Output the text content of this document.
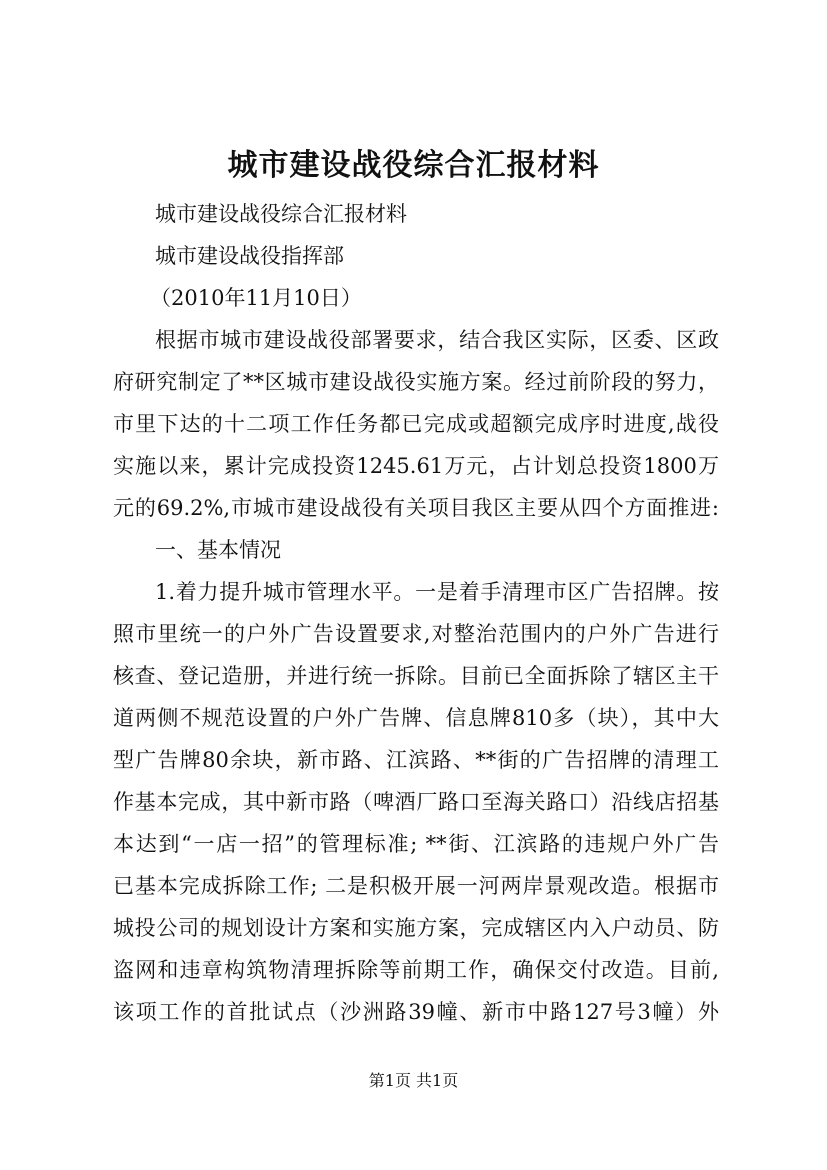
城市建设战役综合汇报材料
城市建设战役综合汇报材料
城市建设战役指挥部
（2010年11月10日）
根据市城市建设战役部署要求，结合我区实际，区委、区政
府研究制定了**区城市建设战役实施方案。经过前阶段的努力，
市里下达的十二项工作任务都已完成或超额完成序时进度,战役
实施以来，累计完成投资1245.61万元，占计划总投资1800万
元的69.2%,市城市建设战役有关项目我区主要从四个方面推进:
一、基本情况
1.着力提升城市管理水平。一是着手清理市区广告招牌。按
照市里统一的户外广告设置要求,对整治范围内的户外广告进行
核查、登记造册，并进行统一拆除。目前已全面拆除了辖区主干
道两侧不规范设置的户外广告牌、信息牌810多（块），其中大
型广告牌80余块，新市路、江滨路、**街的广告招牌的清理工
作基本完成，其中新市路（啤酒厂路口至海关路口）沿线店招基
本达到“一店一招”的管理标准; **街、江滨路的违规户外广告
已基本完成拆除工作; 二是积极开展一河两岸景观改造。根据市
城投公司的规划设计方案和实施方案，完成辖区内入户动员、防
盗网和违章构筑物清理拆除等前期工作，确保交付改造。目前,
该项工作的首批试点（沙洲路39幢、新市中路127号3幢）外
第1页 共1页
